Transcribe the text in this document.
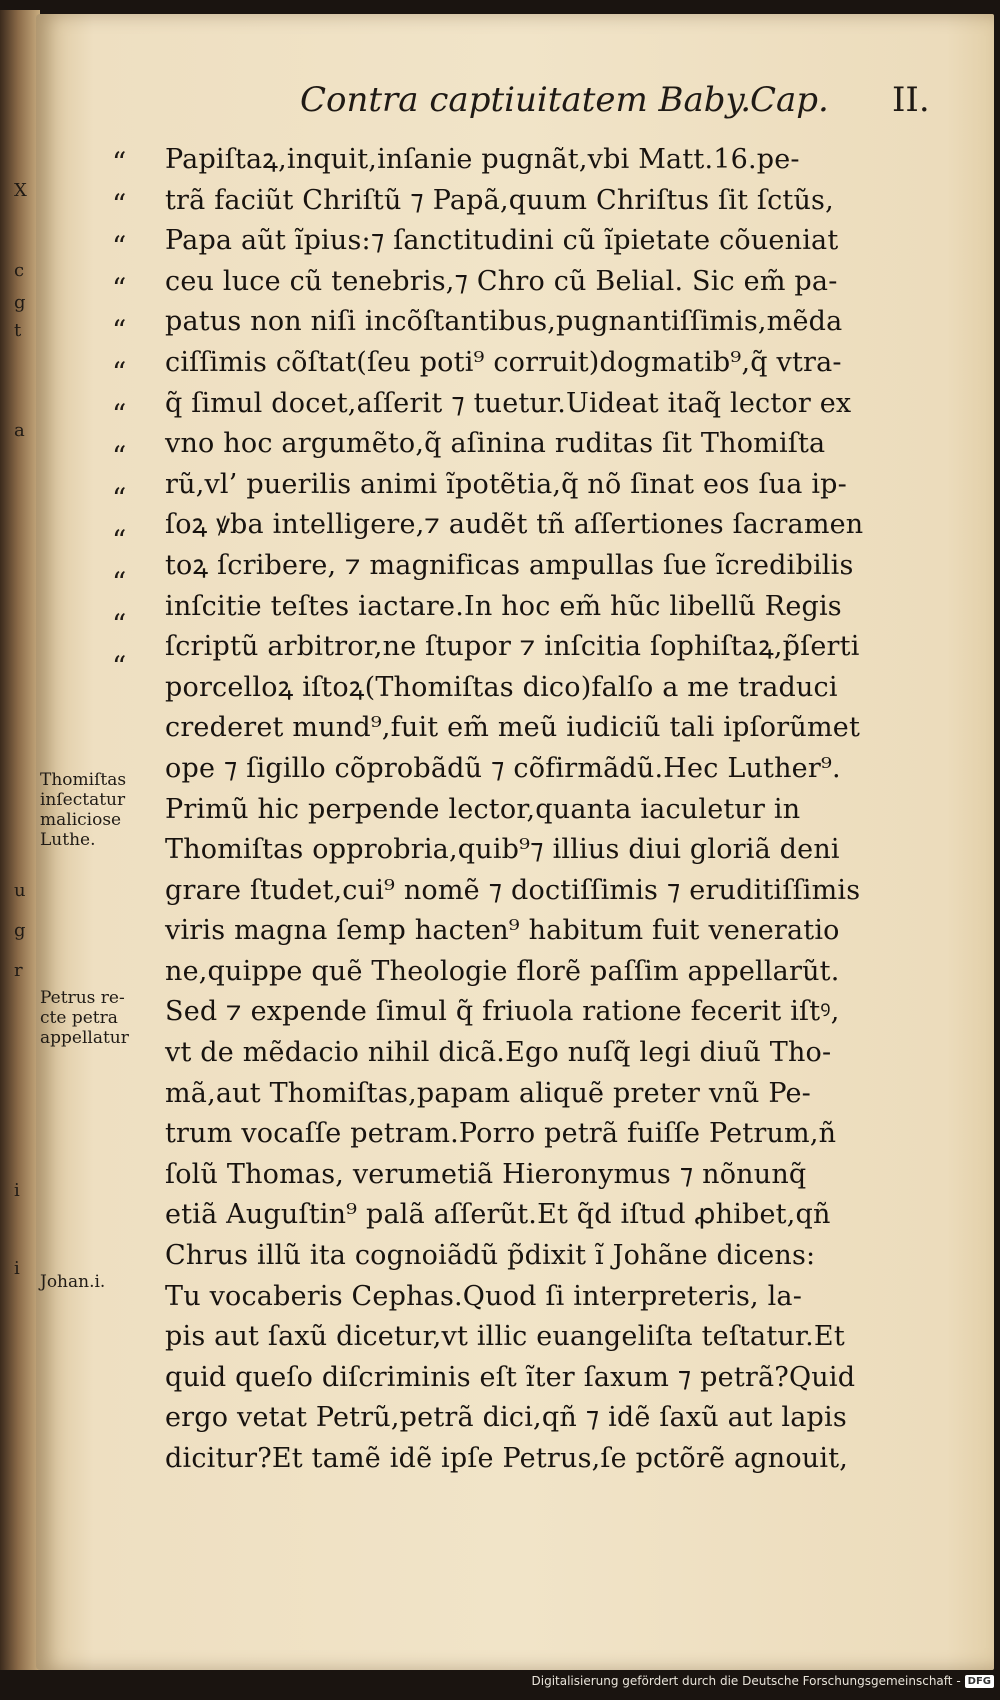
Contra captiuitatem Baby.
Cap. II.
X
c
g
t
a
u
g
r
i
i
“
“
“
“
“
“
“
“
“
“
“
“
“
Papiſtaꝝ,inquit,inſanie pugnãt,vbi Matt.16.pe-
trã faciũt Chriſtũ ⁊ Papã,quum Chriſtus ſit ſctũs,
Papa aũt ĩpius:⁊ ſanctitudini cũ ĩpietate cõueniat
ceu luce cũ tenebris,⁊ Chro cũ Belial. Sic em̃ pa-
patus non niſi incõſtantibus,pugnantiſſimis,mẽda
ciſſimis cõſtat(ſeu poti⁹ corruit)dogmatib⁹,q̃ vtra-
q̃ ſimul docet,aſſerit ⁊ tuetur.Uideat itaq̃ lector ex
vno hoc argumẽto,q̃ aſinina ruditas ſit Thomiſta
rũ,vl’ puerilis animi ĩpotẽtia,q̃ nõ ſinat eos ſua ip-
ſoꝝ ꝟba intelligere,⁊ audẽt tñ aſſertiones ſacramen
toꝝ ſcribere, ⁊ magnificas ampullas ſue ĩcredibilis
inſcitie teſtes iactare.In hoc em̃ hũc libellũ Regis
ſcriptũ arbitror,ne ſtupor ⁊ inſcitia ſophiſtaꝝ,p̃ſerti
porcelloꝝ iſtoꝝ(Thomiſtas dico)falſo a me traduci
crederet mund⁹,fuit em̃ meũ iudiciũ tali ipſorũmet
ope ⁊ ſigillo cõprobãdũ ⁊ cõfirmãdũ.Hec Luther⁹.
Primũ hic perpende lector,quanta iaculetur in
Thomiſtas opprobria,quib⁹⁊ illius diui gloriã deni
grare ſtudet,cui⁹ nomẽ ⁊ doctiſſimis ⁊ eruditiſſimis
viris magna ſemp hacten⁹ habitum fuit veneratio
ne,quippe quẽ Theologie florẽ paſſim appellarũt.
Sed ⁊ expende ſimul q̃ friuola ratione fecerit iſtꝰ,
vt de mẽdacio nihil dicã.Ego nuſq̃ legi diuũ Tho-
mã,aut Thomiſtas,papam aliquẽ preter vnũ Pe-
trum vocaſſe petram.Porro petrã fuiſſe Petrum,ñ
ſolũ Thomas, verumetiã Hieronymus ⁊ nõnunq̃
etiã Auguſtin⁹ palã aſſerũt.Et q̃d iſtud ꝓhibet,qñ
Chrus illũ ita cognoiãdũ p̃dixit ĩ Johãne dicens:
Tu vocaberis Cephas.Quod ſi interpreteris, la-
pis aut ſaxũ dicetur,vt illic euangeliſta teſtatur.Et
quid queſo diſcriminis eſt ĩter ſaxum ⁊ petrã?Quid
ergo vetat Petrũ,petrã dici,qñ ⁊ idẽ ſaxũ aut lapis
dicitur?Et tamẽ idẽ ipſe Petrus,ſe pctõrẽ agnouit,
Thomiſtas
inſectatur
maliciose
Luthe.
Petrus re-
cte petra
appellatur
Johan.i.
Digitalisierung gefördert durch die Deutsche Forschungsgemeinschaft - DFG
